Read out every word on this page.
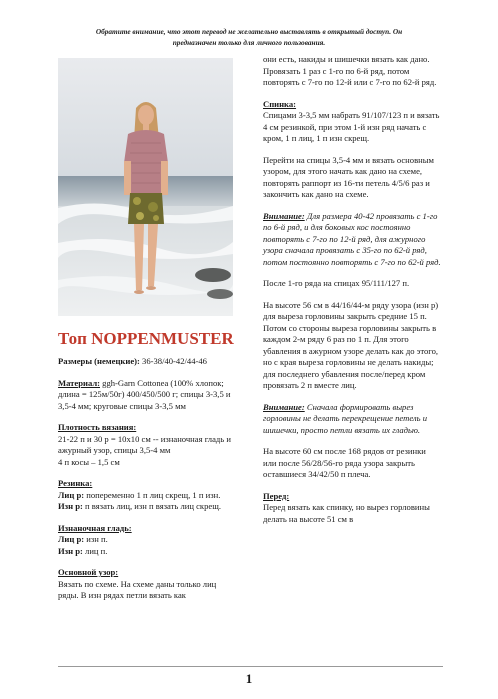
Обратите внимание, что этот перевод не желательно выставлять в открытый доступ. Он
предназначен только для личного пользования.
Топ NOPPENMUSTER

Размеры (немецкие): 36-38/40-42/44-46

Материал: ggh-Garn Cottonea (100% хлопок; длина = 125м/50г) 400/450/500 г; спицы 3-3,5 и 3,5-4 мм; круговые спицы 3-3,5 мм

Плотность вязания:
21-22 п и 30 р = 10x10 см -- изнаночная гладь и ажурный узор, спицы 3,5-4 мм
4 п косы – 1,5 см

Резинка:
Лиц р: попеременно 1 п лиц скрещ, 1 п изн.
Изн р: п вязать лиц, изн п вязать лиц скрещ.

Изнаночная гладь:
Лиц р: изн п.
Изн р: лиц п.

Основной узор:
Вязать по схеме. На схеме даны только лиц ряды. В изн рядах петли вязать как

они есть, накиды и шишечки вязать как дано. Провязать 1 раз с 1-го по 6-й ряд, потом повторять с 7-го по 12-й или с 7-го по 62-й ряд.

Спинка:
Спицами 3-3,5 мм набрать 91/107/123 п и вязать 4 см резинкой, при этом 1-й изн ряд начать с кром, 1 п лиц, 1 п изн скрещ.

Перейти на спицы 3,5-4 мм и вязать основным узором, для этого начать как дано на схеме, повторять раппорт из 16-ти петель 4/5/6 раз и закончить как дано на схеме.

Внимание: Для размера 40-42 провязать с 1-го по 6-й ряд, и для боковых кос постоянно повторять с 7-го по 12-й ряд, для ажурного узора сначала провязать с 35-го по 62-й ряд, потом постоянно повторять с 7-го по 62-й ряд.

После 1-го ряда на спицах 95/111/127 п.

На высоте 56 см в 44/16/44-м ряду узора (изн р) для выреза горловины закрыть средние 15 п. Потом со стороны выреза горловины закрыть в каждом 2-м ряду 6 раз по 1 п. Для этого убавления в ажурном узоре делать как до этого, но с края выреза горловины не делать накиды; для последнего убавления после/перед кром провязать 2 п вместе лиц.

Внимание: Сначала формировать вырез горловины не делать перекрещение петель и шишечки, просто петли вязать их гладью.

На высоте 60 см после 168 рядов от резинки или после 56/28/56-го ряда узора закрыть оставшиеся 34/42/50 п плеча.

Перед:
Перед вязать как спинку, но вырез горловины делать на высоте 51 см в

1
